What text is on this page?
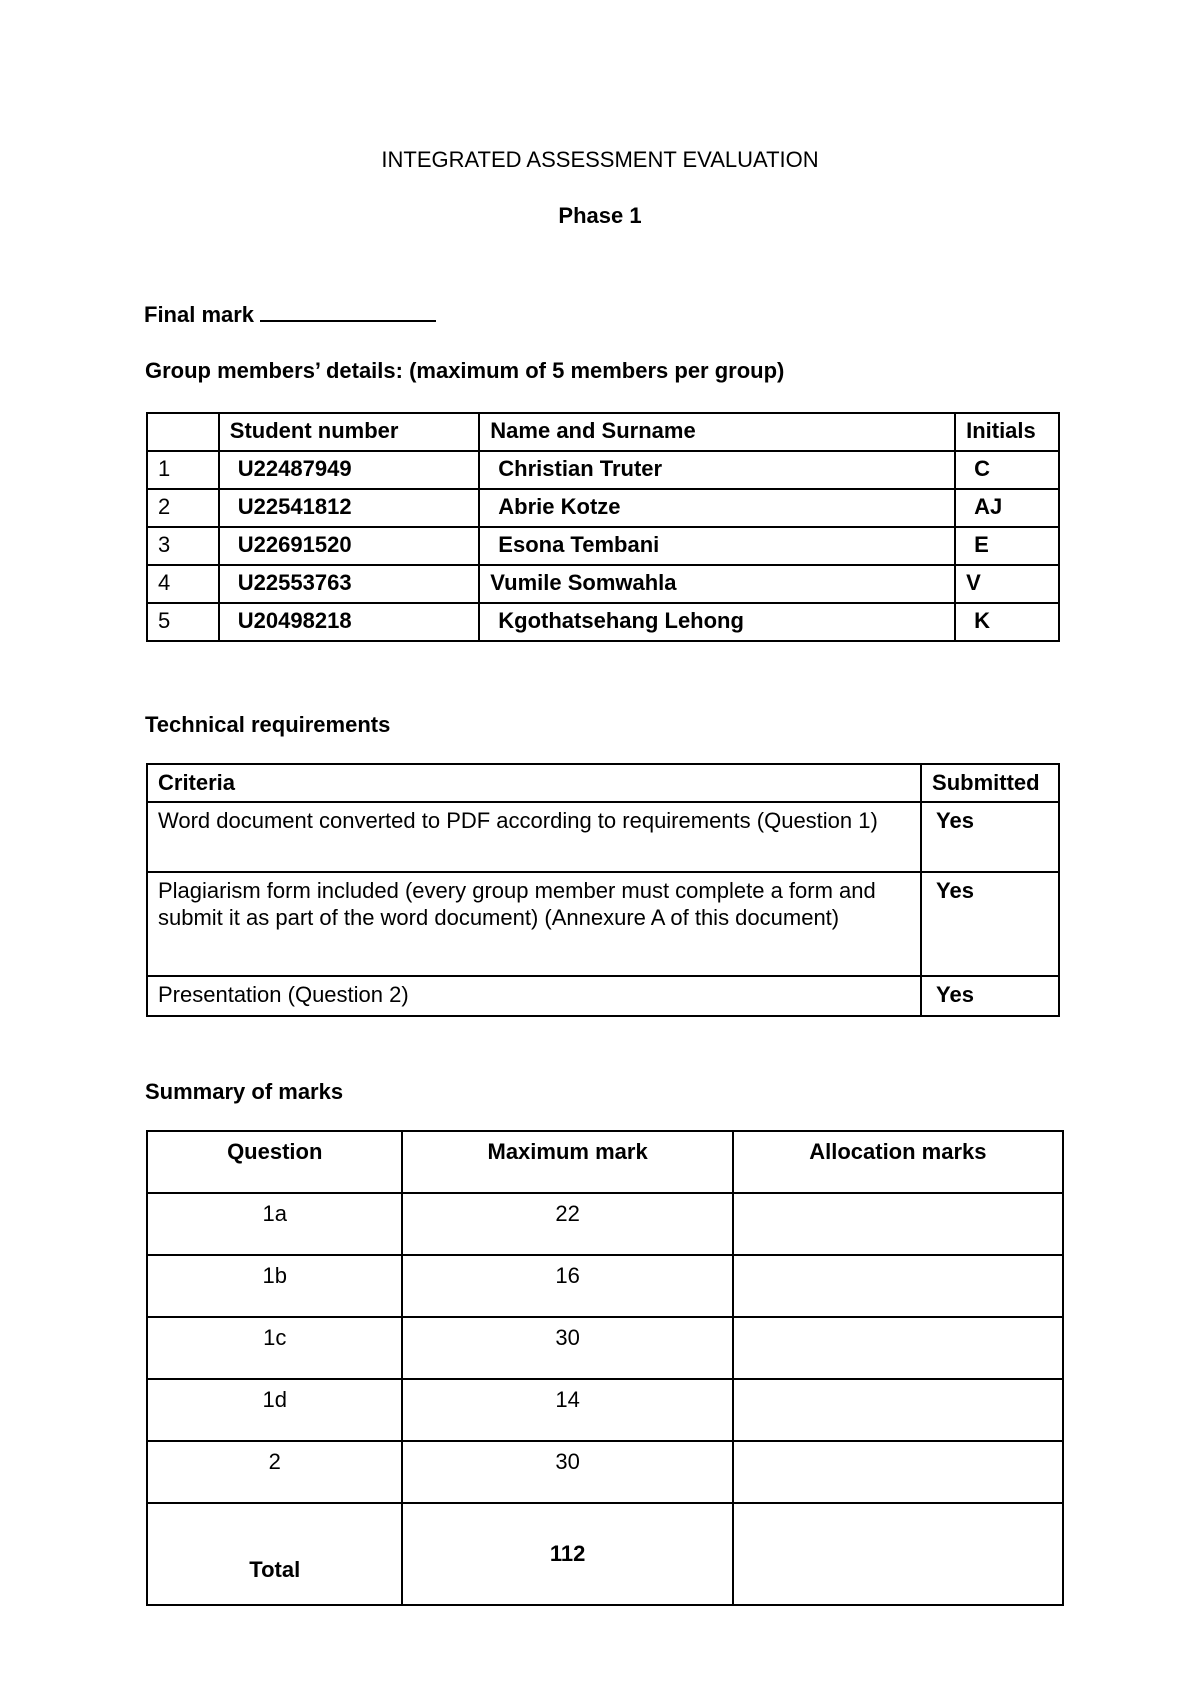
INTEGRATED ASSESSMENT EVALUATION
Phase 1
Final mark
Group members’ details: (maximum of 5 members per group)
	Student number	Name and Surname	Initials
1	U22487949	Christian Truter	C
2	U22541812	Abrie Kotze	AJ
3	U22691520	Esona Tembani	E
4	U22553763	Vumile Somwahla	V
5	U20498218	Kgothatsehang Lehong	K
Technical requirements
Criteria	Submitted
Word document converted to PDF according to requirements (Question 1)	Yes
Plagiarism form included (every group member must complete a form and submit it as part of the word document) (Annexure A of this document)	Yes
Presentation (Question 2)	Yes
Summary of marks
Question	Maximum mark	Allocation marks
1a	22	
1b	16	
1c	30	
1d	14	
2	30	
Total	112	
